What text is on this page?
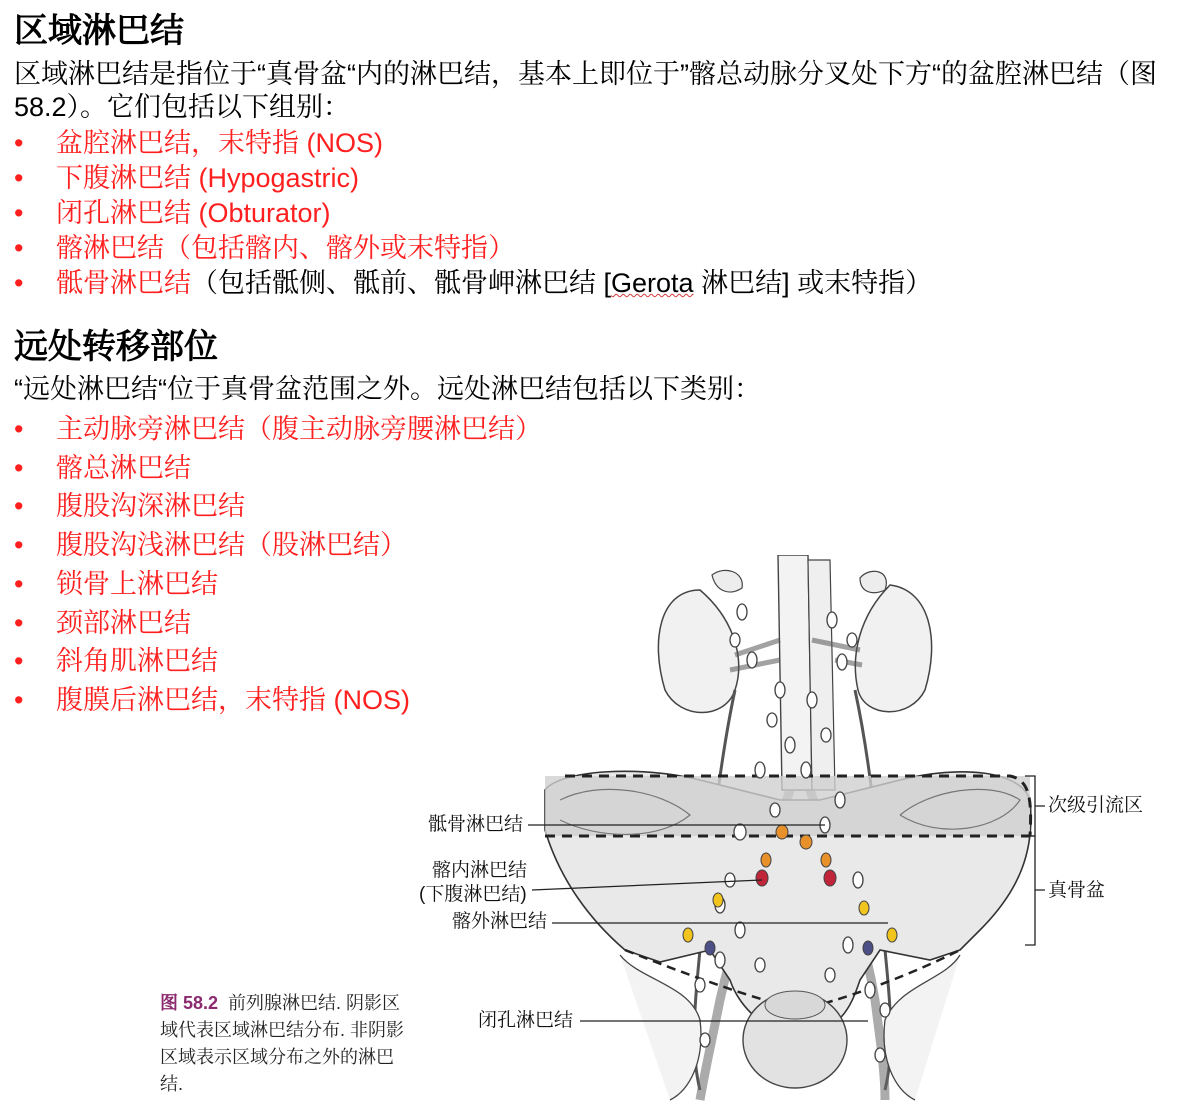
区域淋巴结

区域淋巴结是指位于“真骨盆“内的淋巴结，基本上即位于”髂总动脉分叉处下方“的盆腔淋巴结（图 58.2）。它们包括以下组别：

• 盆腔淋巴结，末特指 (NOS)
• 下腹淋巴结 (Hypogastric)
• 闭孔淋巴结 (Obturator)
• 髂淋巴结（包括髂内、髂外或末特指）
• 骶骨淋巴结（包括骶侧、骶前、骶骨岬淋巴结 [Gerota 淋巴结] 或末特指）
远处转移部位

“远处淋巴结“位于真骨盆范围之外。远处淋巴结包括以下类别：

• 主动脉旁淋巴结（腹主动脉旁腰淋巴结）
• 髂总淋巴结
• 腹股沟深淋巴结
• 腹股沟浅淋巴结（股淋巴结）
• 锁骨上淋巴结
• 颈部淋巴结
• 斜角肌淋巴结
• 腹膜后淋巴结，末特指 (NOS)
骶骨淋巴结
髂内淋巴结
(下腹淋巴结)
髂外淋巴结
闭孔淋巴结
次级引流区
真骨盆
图 58.2 前列腺淋巴结. 阴影区域代表区域淋巴结分布. 非阴影区域表示区域分布之外的淋巴结.
